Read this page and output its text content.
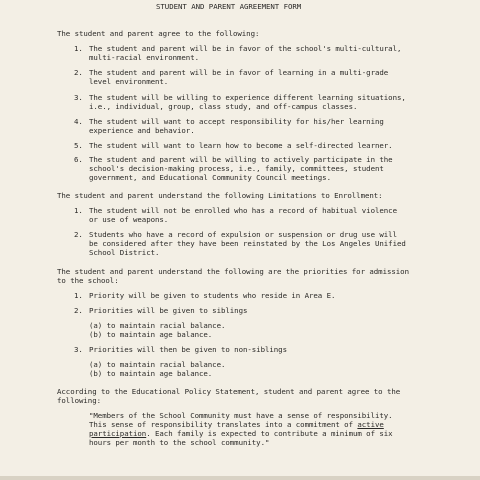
STUDENT AND PARENT AGREEMENT FORM
The student and parent agree to the following:
1. The student and parent will be in favor of the school's multi-cultural,
multi-racial environment.
2. The student and parent will be in favor of learning in a multi-grade
level environment.
3. The student will be willing to experience different learning situations,
i.e., individual, group, class study, and off-campus classes.
4. The student will want to accept responsibility for his/her learning
experience and behavior.
5. The student will want to learn how to become a self-directed learner.
6. The student and parent will be willing to actively participate in the
school's decision-making process, i.e., family, committees, student
government, and Educational Community Council meetings.
The student and parent understand the following Limitations to Enrollment:
1. The student will not be enrolled who has a record of habitual violence
or use of weapons.
2. Students who have a record of expulsion or suspension or drug use will
be considered after they have been reinstated by the Los Angeles Unified
School District.
The student and parent understand the following are the priorities for admission
to the school:
1. Priority will be given to students who reside in Area E.
2. Priorities will be given to siblings
(a) to maintain racial balance.
(b) to maintain age balance.
3. Priorities will then be given to non-siblings
(a) to maintain racial balance.
(b) to maintain age balance.
According to the Educational Policy Statement, student and parent agree to the
following:
"Members of the School Community must have a sense of responsibility.
This sense of responsibility translates into a commitment of active
participation. Each family is expected to contribute a minimum of six
hours per month to the school community."
